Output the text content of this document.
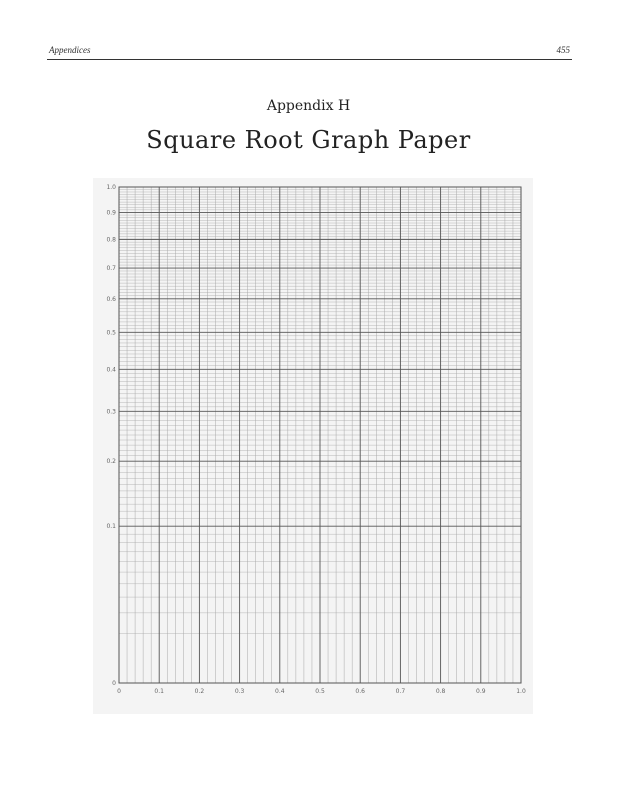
Appendices	455
Appendix H
Square Root Graph Paper
0	0.1	0.2	0.3	0.4	0.5	0.6	0.7	0.8	0.9	1.0
0
0.1
0.2
0.3
0.4
0.5
0.6
0.7
0.8
0.9
1.0
